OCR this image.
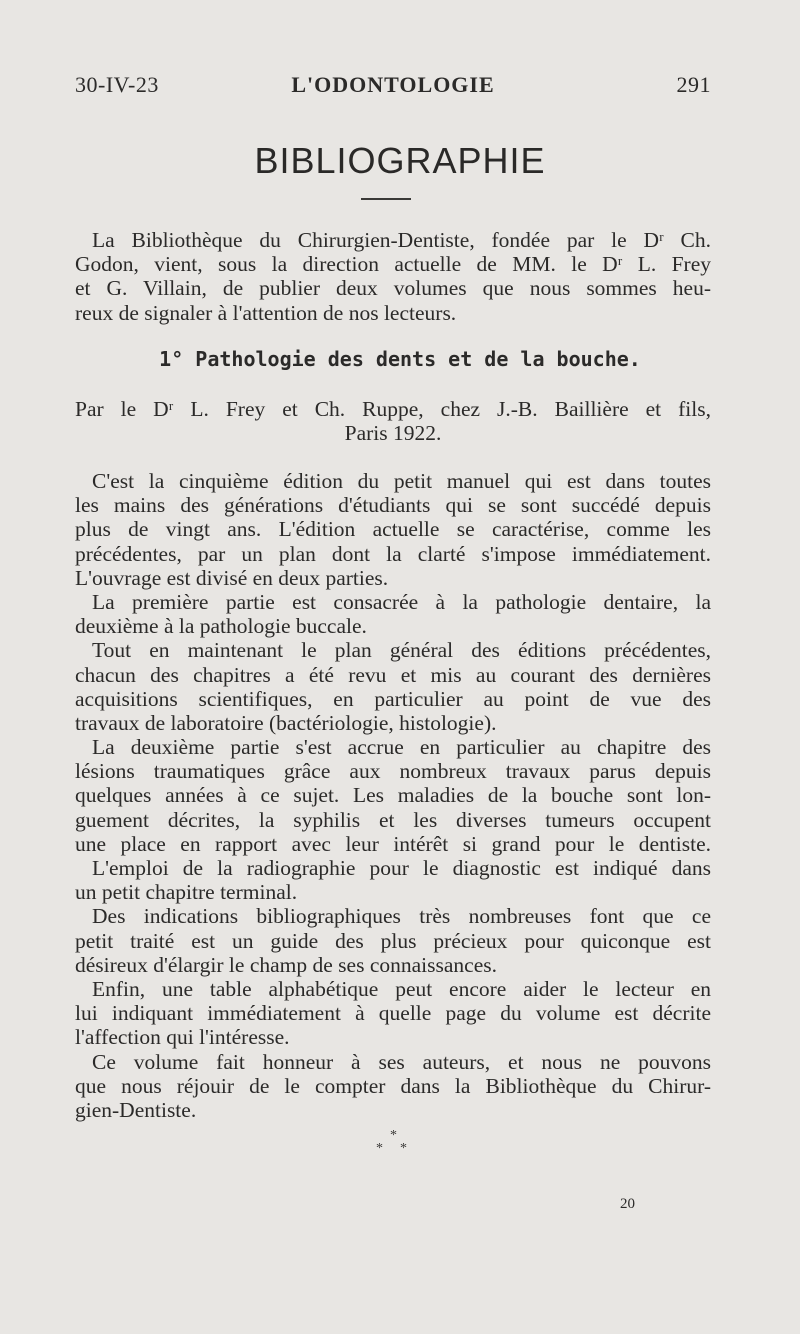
30-IV-23	L'ODONTOLOGIE	291
BIBLIOGRAPHIE
La Bibliothèque du Chirurgien-Dentiste, fondée par le Dʳ Ch.
Godon, vient, sous la direction actuelle de MM. le Dʳ L. Frey
et G. Villain, de publier deux volumes que nous sommes heu-
reux de signaler à l'attention de nos lecteurs.
1° Pathologie des dents et de la bouche.
Par le Dʳ L. Frey et Ch. Ruppe, chez J.-B. Baillière et fils,
Paris 1922.
C'est la cinquième édition du petit manuel qui est dans toutes
les mains des générations d'étudiants qui se sont succédé depuis
plus de vingt ans. L'édition actuelle se caractérise, comme les
précédentes, par un plan dont la clarté s'impose immédiatement.
L'ouvrage est divisé en deux parties.
La première partie est consacrée à la pathologie dentaire, la
deuxième à la pathologie buccale.
Tout en maintenant le plan général des éditions précédentes,
chacun des chapitres a été revu et mis au courant des dernières
acquisitions scientifiques, en particulier au point de vue des
travaux de laboratoire (bactériologie, histologie).
La deuxième partie s'est accrue en particulier au chapitre des
lésions traumatiques grâce aux nombreux travaux parus depuis
quelques années à ce sujet. Les maladies de la bouche sont lon-
guement décrites, la syphilis et les diverses tumeurs occupent
une place en rapport avec leur intérêt si grand pour le dentiste.
L'emploi de la radiographie pour le diagnostic est indiqué dans
un petit chapitre terminal.
Des indications bibliographiques très nombreuses font que ce
petit traité est un guide des plus précieux pour quiconque est
désireux d'élargir le champ de ses connaissances.
Enfin, une table alphabétique peut encore aider le lecteur en
lui indiquant immédiatement à quelle page du volume est décrite
l'affection qui l'intéresse.
Ce volume fait honneur à ses auteurs, et nous ne pouvons
que nous réjouir de le compter dans la Bibliothèque du Chirur-
gien-Dentiste.
*
* *
20
